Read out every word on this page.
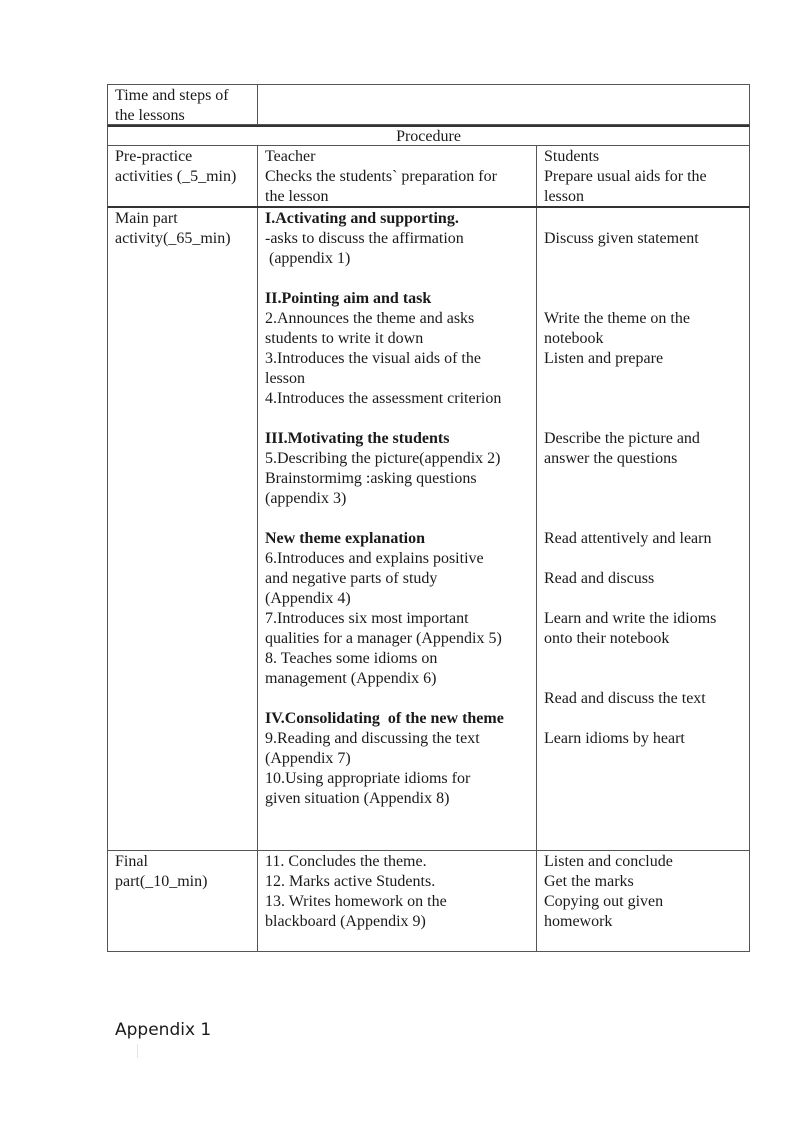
Time and steps of
the lessons
Procedure
Pre-practice
activities (_5_min)
Teacher
Checks the students` preparation for
the lesson
Students
Prepare usual aids for the
lesson
Main part
activity(_65_min)
I.Activating and supporting.
-asks to discuss the affirmation
(appendix 1)
II.Pointing aim and task
2.Announces the theme and asks
students to write it down
3.Introduces the visual aids of the
lesson
4.Introduces the assessment criterion
III.Motivating the students
5.Describing the picture(appendix 2)
Brainstormimg :asking questions
(appendix 3)
New theme explanation
6.Introduces and explains positive
and negative parts of study
(Appendix 4)
7.Introduces six most important
qualities for a manager (Appendix 5)
8. Teaches some idioms on
management (Appendix 6)
IV.Consolidating  of the new theme
9.Reading and discussing the text
(Appendix 7)
10.Using appropriate idioms for
given situation (Appendix 8)
Discuss given statement
Write the theme on the
notebook
Listen and prepare
Describe the picture and
answer the questions
Read attentively and learn
Read and discuss
Learn and write the idioms
onto their notebook
Read and discuss the text
Learn idioms by heart
Final
part(_10_min)
11. Concludes the theme.
12. Marks active Students.
13. Writes homework on the
blackboard (Appendix 9)
Listen and conclude
Get the marks
Copying out given
homework
Appendix 1
